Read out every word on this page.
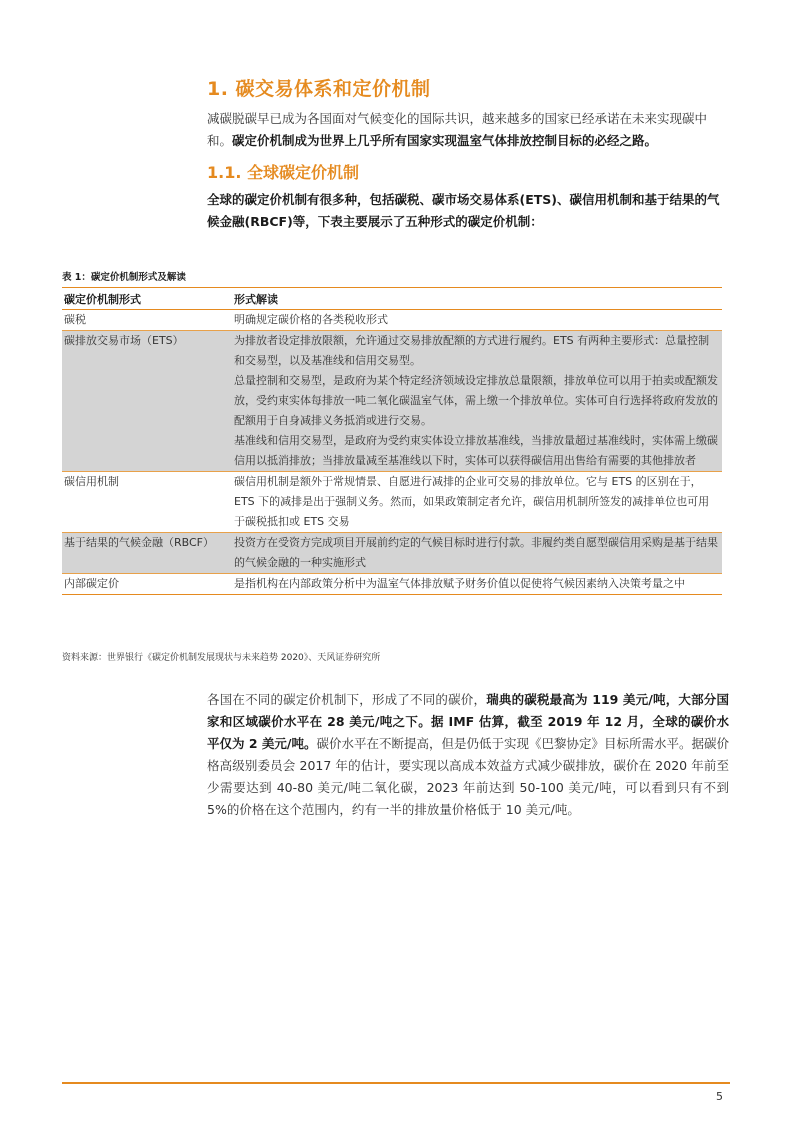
1. 碳交易体系和定价机制
减碳脱碳早已成为各国面对气候变化的国际共识，越来越多的国家已经承诺在未来实现碳中和。碳定价机制成为世界上几乎所有国家实现温室气体排放控制目标的必经之路。
1.1. 全球碳定价机制
全球的碳定价机制有很多种，包括碳税、碳市场交易体系(ETS)、碳信用机制和基于结果的气候金融(RBCF)等，下表主要展示了五种形式的碳定价机制：
表 1：碳定价机制形式及解读
碳定价机制形式	形式解读
碳税	明确规定碳价格的各类税收形式
碳排放交易市场（ETS）	为排放者设定排放限额，允许通过交易排放配额的方式进行履约。ETS 有两种主要形式：总量控制和交易型，以及基准线和信用交易型。
总量控制和交易型，是政府为某个特定经济领域设定排放总量限额，排放单位可以用于拍卖或配额发放，受约束实体每排放一吨二氧化碳温室气体，需上缴一个排放单位。实体可自行选择将政府发放的配额用于自身减排义务抵消或进行交易。
基准线和信用交易型，是政府为受约束实体设立排放基准线，当排放量超过基准线时，实体需上缴碳信用以抵消排放；当排放量减至基准线以下时，实体可以获得碳信用出售给有需要的其他排放者
碳信用机制	碳信用机制是额外于常规情景、自愿进行减排的企业可交易的排放单位。它与 ETS 的区别在于，ETS 下的减排是出于强制义务。然而，如果政策制定者允许，碳信用机制所签发的减排单位也可用于碳税抵扣或 ETS 交易
基于结果的气候金融（RBCF）	投资方在受资方完成项目开展前约定的气候目标时进行付款。非履约类自愿型碳信用采购是基于结果的气候金融的一种实施形式
内部碳定价	是指机构在内部政策分析中为温室气体排放赋予财务价值以促使将气候因素纳入决策考量之中
资料来源：世界银行《碳定价机制发展现状与未来趋势 2020》、天风证券研究所
各国在不同的碳定价机制下，形成了不同的碳价，瑞典的碳税最高为 119 美元/吨，大部分国家和区域碳价水平在 28 美元/吨之下。据 IMF 估算，截至 2019 年 12 月，全球的碳价水平仅为 2 美元/吨。碳价水平在不断提高，但是仍低于实现《巴黎协定》目标所需水平。据碳价格高级别委员会 2017 年的估计，要实现以高成本效益方式减少碳排放，碳价在 2020 年前至少需要达到 40-80 美元/吨二氧化碳，2023 年前达到 50-100 美元/吨，可以看到只有不到 5%的价格在这个范围内，约有一半的排放量价格低于 10 美元/吨。
5
